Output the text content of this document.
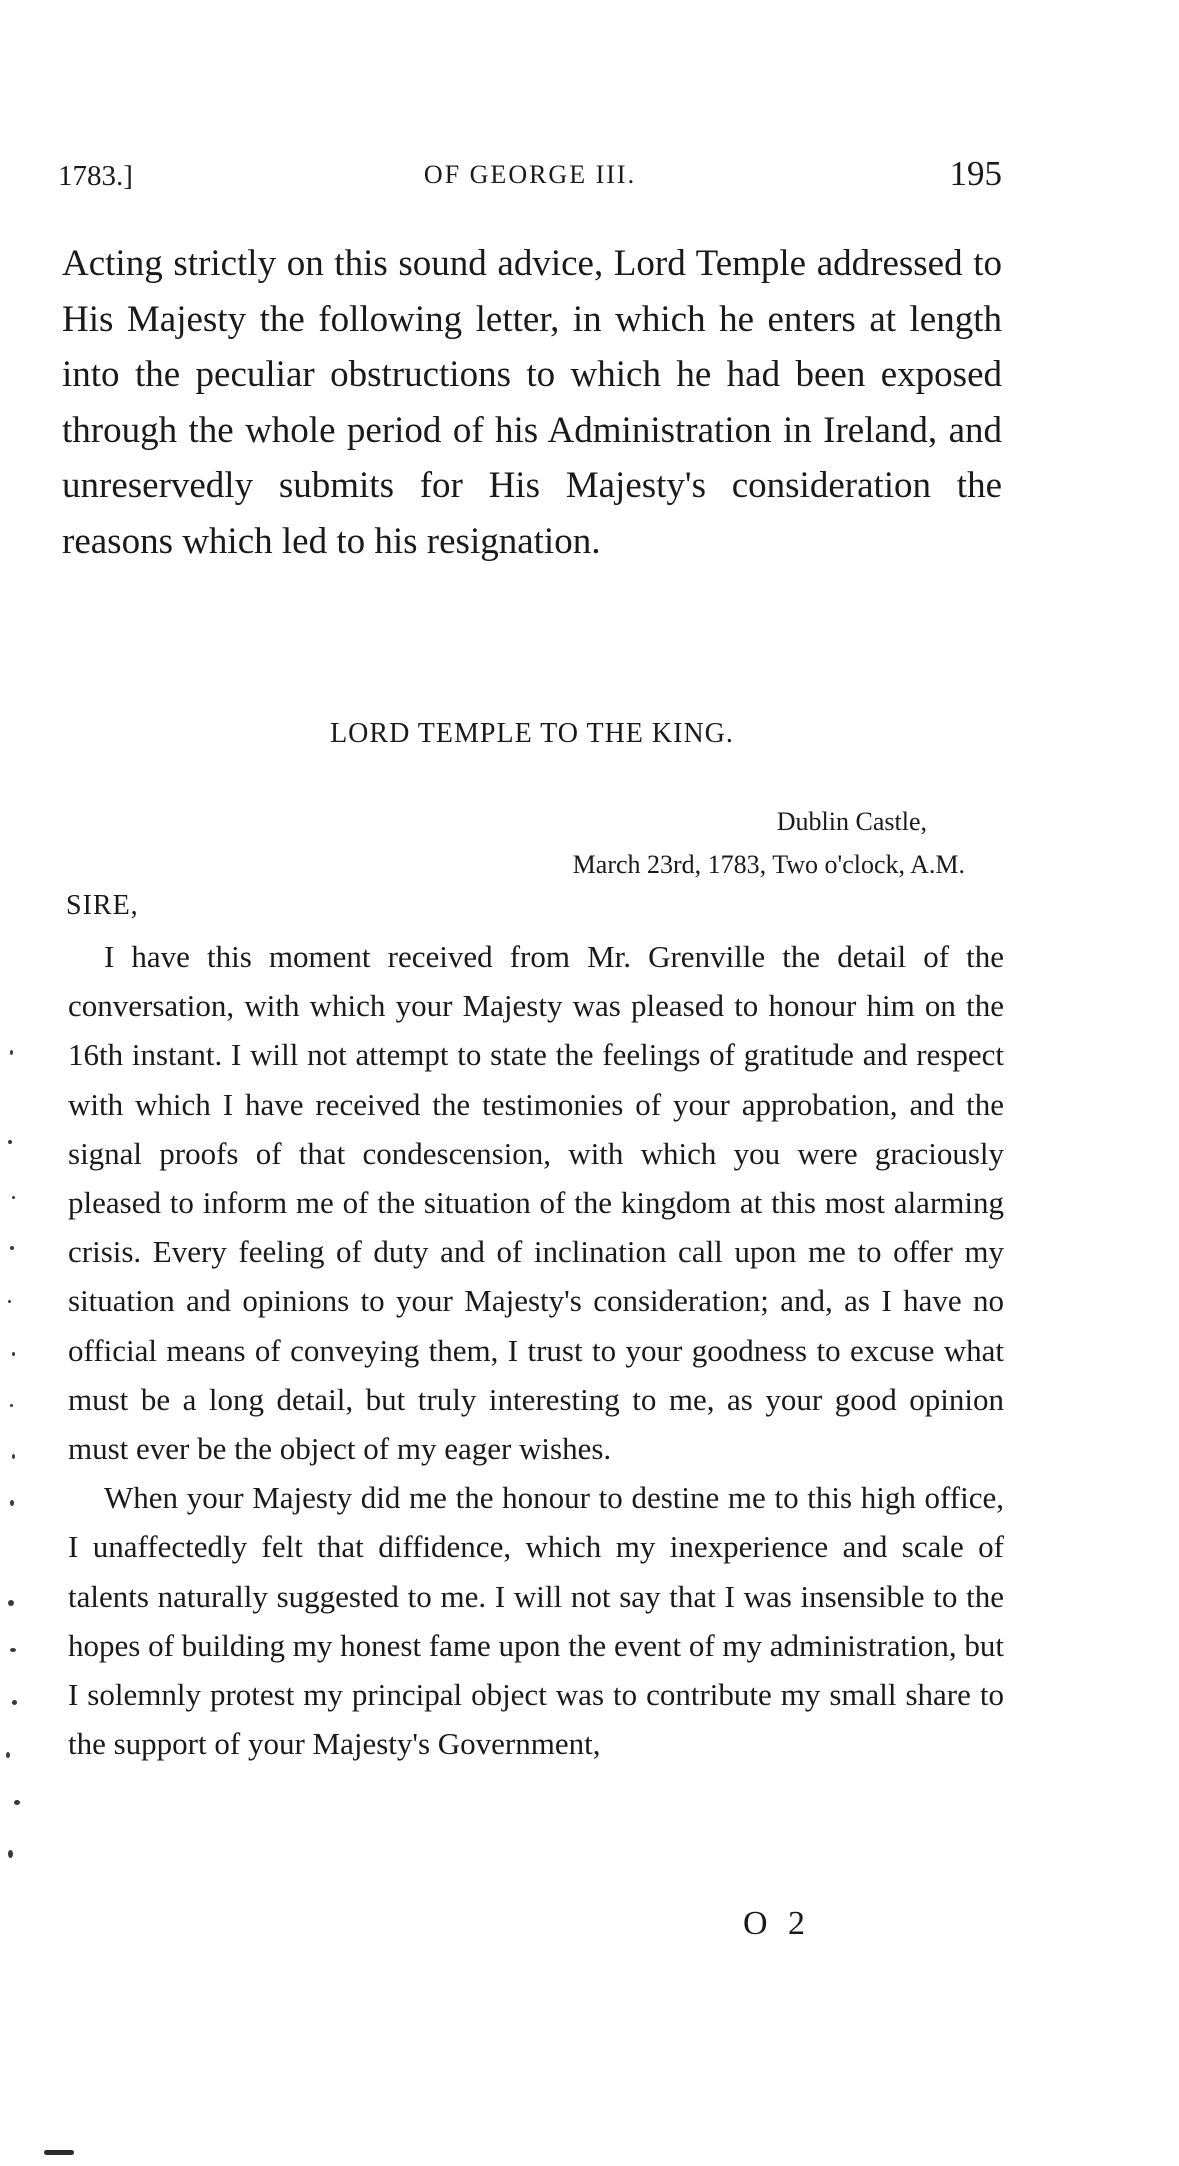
1783.]	OF GEORGE III.	195

Acting strictly on this sound advice, Lord Temple addressed to His Majesty the following letter, in which he enters at length into the peculiar obstructions to which he had been exposed through the whole period of his Administration in Ireland, and unreservedly submits for His Majesty's consideration the reasons which led to his resignation.

LORD TEMPLE TO THE KING.
Dublin Castle,
March 23rd, 1783, Two o'clock, A.M.
SIRE,

I have this moment received from Mr. Grenville the detail of the conversation, with which your Majesty was pleased to honour him on the 16th instant. I will not attempt to state the feelings of gratitude and respect with which I have received the testimonies of your approbation, and the signal proofs of that condescension, with which you were graciously pleased to inform me of the situation of the kingdom at this most alarming crisis. Every feeling of duty and of inclination call upon me to offer my situation and opinions to your Majesty's consideration; and, as I have no official means of conveying them, I trust to your goodness to excuse what must be a long detail, but truly interesting to me, as your good opinion must ever be the object of my eager wishes.

When your Majesty did me the honour to destine me to this high office, I unaffectedly felt that diffidence, which my inexperience and scale of talents naturally suggested to me. I will not say that I was insensible to the hopes of building my honest fame upon the event of my administration, but I solemnly protest my principal object was to contribute my small share to the support of your Majesty's Government,

O 2
